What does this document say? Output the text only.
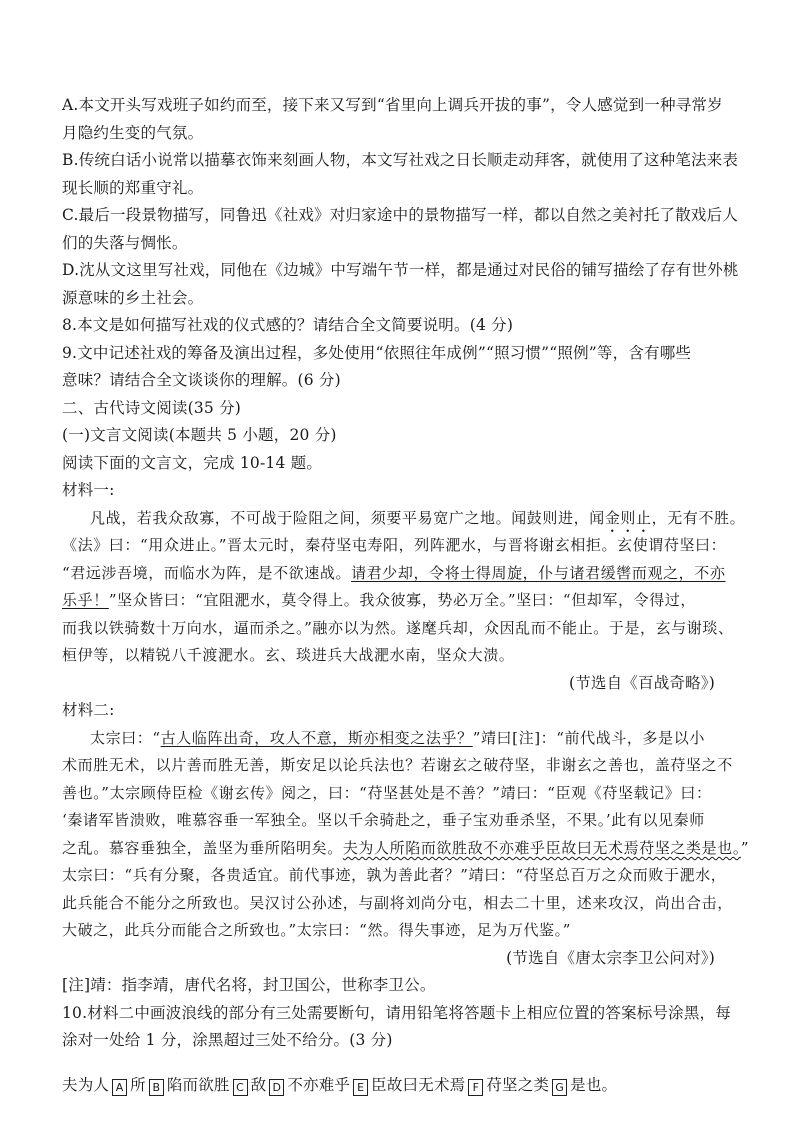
A.本文开头写戏班子如约而至，接下来又写到“省里向上调兵开拔的事”，令人感觉到一种寻常岁
月隐约生变的气氛。
B.传统白话小说常以描摹衣饰来刻画人物，本文写社戏之日长顺走动拜客，就使用了这种笔法来表
现长顺的郑重守礼。
C.最后一段景物描写，同鲁迅《社戏》对归家途中的景物描写一样，都以自然之美衬托了散戏后人
们的失落与惆怅。
D.沈从文这里写社戏，同他在《边城》中写端午节一样，都是通过对民俗的铺写描绘了存有世外桃
源意味的乡土社会。
8.本文是如何描写社戏的仪式感的？请结合全文简要说明。(4 分)
9.文中记述社戏的筹备及演出过程，多处使用“依照往年成例”“照习惯”“照例”等，含有哪些
意味？请结合全文谈谈你的理解。(6 分)
二、古代诗文阅读(35 分)
(一)文言文阅读(本题共 5 小题，20 分)
阅读下面的文言文，完成 10-14 题。
材料一:
凡战，若我众敌寡，不可战于险阻之间，须要平易宽广之地。闻鼓则进，闻金则止，无有不胜。
《法》曰：“用众进止。”晋太元时，秦苻坚屯寿阳，列阵淝水，与晋将谢玄相拒。玄使谓苻坚曰：
“君远涉吾境，而临水为阵，是不欲速战。请君少却，令将士得周旋，仆与诸君缓辔而观之，不亦
乐乎！”坚众皆曰：“宜阻淝水，莫令得上。我众彼寡，势必万全。”坚曰：“但却军，令得过，
而我以铁骑数十万向水，逼而杀之。”融亦以为然。遂麾兵却，众因乱而不能止。于是，玄与谢琰、
桓伊等，以精锐八千渡淝水。玄、琰进兵大战淝水南，坚众大溃。
(节选自《百战奇略》)
材料二:
太宗曰：“古人临阵出奇，攻人不意，斯亦相变之法乎？”靖曰[注]：“前代战斗，多是以小
术而胜无术，以片善而胜无善，斯安足以论兵法也？若谢玄之破苻坚，非谢玄之善也，盖苻坚之不
善也。”太宗顾侍臣检《谢玄传》阅之，曰：“苻坚甚处是不善？”靖曰：“臣观《苻坚载记》曰：
‘秦诸军皆溃败，唯慕容垂一军独全。坚以千余骑赴之，垂子宝劝垂杀坚，不果。’此有以见秦师
之乱。慕容垂独全，盖坚为垂所陷明矣。夫为人所陷而欲胜敌不亦难乎臣故曰无术焉苻坚之类是也。”
太宗曰：“兵有分聚，各贵适宜。前代事迹，孰为善此者？”靖曰：“苻坚总百万之众而败于淝水，
此兵能合不能分之所致也。吴汉讨公孙述，与副将刘尚分屯，相去二十里，述来攻汉，尚出合击，
大破之，此兵分而能合之所致也。”太宗曰：“然。得失事迹，足为万代鉴。”
(节选自《唐太宗李卫公问对》)
[注]靖：指李靖，唐代名将，封卫国公，世称李卫公。
10.材料二中画波浪线的部分有三处需要断句，请用铅笔将答题卡上相应位置的答案标号涂黑，每
涂对一处给 1 分，涂黑超过三处不给分。(3 分)
夫为人 A 所 B 陷而欲胜 C 敌 D 不亦难乎 E 臣故曰无术焉 F 苻坚之类 G 是也。
